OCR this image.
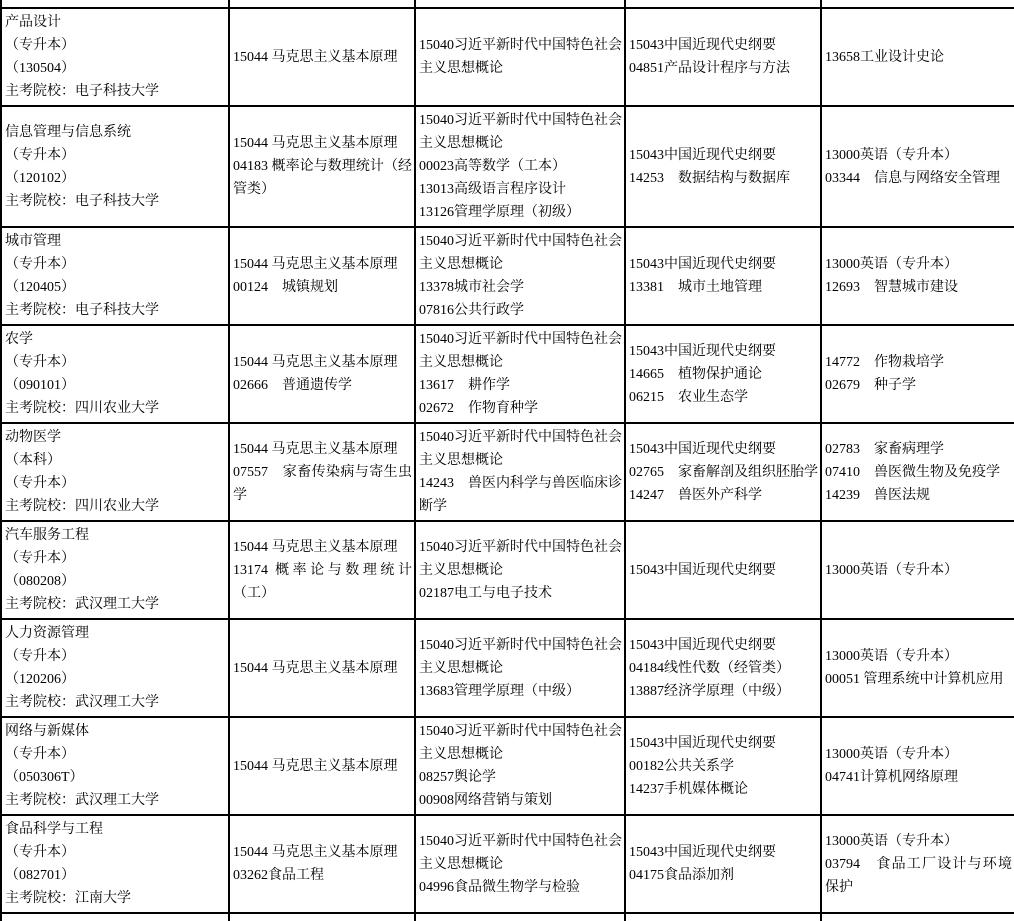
产品设计
（专升本）
（130504）
主考院校：电子科技大学

15044 马克思主义基本原理

15040习近平新时代中国特色社会主义思想概论

15043中国近现代史纲要
04851产品设计程序与方法

13658工业设计史论

信息管理与信息系统
（专升本）
（120102）
主考院校：电子科技大学

15044 马克思主义基本原理
04183 概率论与数理统计（经管类）

15040习近平新时代中国特色社会主义思想概论
00023高等数学（工本）
13013高级语言程序设计
13126管理学原理（初级）

15043中国近现代史纲要
14253　数据结构与数据库

13000英语（专升本）
03344　信息与网络安全管理

城市管理
（专升本）
（120405）
主考院校：电子科技大学

15044 马克思主义基本原理
00124　城镇规划

15040习近平新时代中国特色社会主义思想概论
13378城市社会学
07816公共行政学

15043中国近现代史纲要
13381　城市土地管理

13000英语（专升本）
12693　智慧城市建设

农学
（专升本）
（090101）
主考院校：四川农业大学

15044 马克思主义基本原理
02666　普通遗传学

15040习近平新时代中国特色社会主义思想概论
13617　耕作学
02672　作物育种学

15043中国近现代史纲要
14665　植物保护通论
06215　农业生态学

14772　作物栽培学
02679　种子学

动物医学
（本科）
（专升本）
主考院校：四川农业大学

15044 马克思主义基本原理
07557　家畜传染病与寄生虫学

15040习近平新时代中国特色社会主义思想概论
14243　兽医内科学与兽医临床诊断学

15043中国近现代史纲要
02765　家畜解剖及组织胚胎学
14247　兽医外产科学

02783　家畜病理学
07410　兽医微生物及免疫学
14239　兽医法规

汽车服务工程
（专升本）
（080208）
主考院校：武汉理工大学

15044 马克思主义基本原理
13174 概率论与数理统计（工）

15040习近平新时代中国特色社会主义思想概论
02187电工与电子技术

15043中国近现代史纲要	13000英语（专升本）

人力资源管理
（专升本）
（120206）
主考院校：武汉理工大学

15044 马克思主义基本原理

15040习近平新时代中国特色社会主义思想概论
13683管理学原理（中级）

15043中国近现代史纲要
04184线性代数（经管类）
13887经济学原理（中级）

13000英语（专升本）
00051 管理系统中计算机应用

网络与新媒体
（专升本）
（050306T）
主考院校：武汉理工大学

15044 马克思主义基本原理

15040习近平新时代中国特色社会主义思想概论
08257舆论学
00908网络营销与策划

15043中国近现代史纲要
00182公共关系学
14237手机媒体概论

13000英语（专升本）
04741计算机网络原理

食品科学与工程
（专升本）
（082701）
主考院校：江南大学

15044 马克思主义基本原理
03262食品工程

15040习近平新时代中国特色社会主义思想概论
04996食品微生物学与检验

15043中国近现代史纲要
04175食品添加剂

13000英语（专升本）
03794　食品工厂设计与环境保护
